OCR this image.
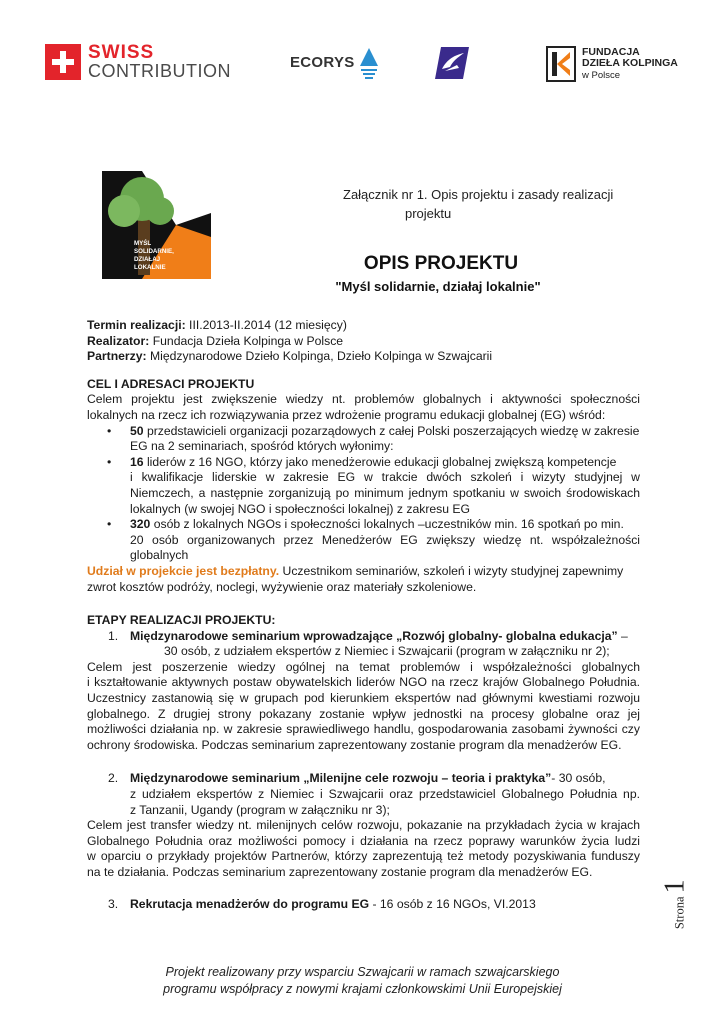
SWISS
CONTRIBUTION	ECORYS
FUNDACJA
DZIEŁA KOLPINGA
w Polsce
MYŚL
SOLIDARNIE,
DZIAŁAJ
LOKALNIE
Załącznik nr 1. Opis projektu i zasady realizacji
projektu
OPIS PROJEKTU
"Myśl solidarnie, działaj lokalnie"
Termin realizacji: III.2013-II.2014 (12 miesięcy)
Realizator: Fundacja Dzieła Kolpinga w Polsce
Partnerzy: Międzynarodowe Dzieło Kolpinga, Dzieło Kolpinga w Szwajcarii
CEL I ADRESACI PROJEKTU
Celem projektu jest zwiększenie wiedzy nt. problemów globalnych i aktywności społeczności
lokalnych na rzecz ich rozwiązywania przez wdrożenie programu edukacji globalnej (EG) wśród:
• 50 przedstawicieli organizacji pozarządowych z całej Polski poszerzających wiedzę w zakresie
EG na 2 seminariach, spośród których wyłonimy:
• 16 liderów z 16 NGO, którzy jako menedżerowie edukacji globalnej zwiększą kompetencje
i kwalifikacje liderskie w zakresie EG w trakcie dwóch szkoleń i wizyty studyjnej w
Niemczech, a następnie zorganizują po minimum jednym spotkaniu w swoich środowiskach
lokalnych (w swojej NGO i społeczności lokalnej) z zakresu EG
• 320 osób z lokalnych NGOs i społeczności lokalnych –uczestników min. 16 spotkań po min.
20 osób organizowanych przez Menedżerów EG zwiększy wiedzę nt. współzależności
globalnych
Udział w projekcie jest bezpłatny. Uczestnikom seminariów, szkoleń i wizyty studyjnej zapewnimy
zwrot kosztów podróży, noclegi, wyżywienie oraz materiały szkoleniowe.
ETAPY REALIZACJI PROJEKTU:
1. Międzynarodowe seminarium wprowadzające „Rozwój globalny- globalna edukacja” –
30 osób, z udziałem ekspertów z Niemiec i Szwajcarii (program w załączniku nr 2);
Celem jest poszerzenie wiedzy ogólnej na temat problemów i współzależności globalnych
i kształtowanie aktywnych postaw obywatelskich liderów NGO na rzecz krajów Globalnego Południa.
Uczestnicy zastanowią się w grupach pod kierunkiem ekspertów nad głównymi kwestiami rozwoju
globalnego. Z drugiej strony pokazany zostanie wpływ jednostki na procesy globalne oraz jej
możliwości działania np. w zakresie sprawiedliwego handlu, gospodarowania zasobami żywności czy
ochrony środowiska. Podczas seminarium zaprezentowany zostanie program dla menadżerów EG.
2. Międzynarodowe seminarium „Milenijne cele rozwoju – teoria i praktyka”- 30 osób,
z udziałem ekspertów z Niemiec i Szwajcarii oraz przedstawiciel Globalnego Południa np.
z Tanzanii, Ugandy (program w załączniku nr 3);
Celem jest transfer wiedzy nt. milenijnych celów rozwoju, pokazanie na przykładach życia w krajach
Globalnego Południa oraz możliwości pomocy i działania na rzecz poprawy warunków życia ludzi
w oparciu o przykłady projektów Partnerów, którzy zaprezentują też metody pozyskiwania funduszy
na te działania. Podczas seminarium zaprezentowany zostanie program dla menadżerów EG.
3. Rekrutacja menadżerów do programu EG - 16 osób z 16 NGOs, VI.2013	Strona 1
Projekt realizowany przy wsparciu Szwajcarii w ramach szwajcarskiego
programu współpracy z nowymi krajami członkowskimi Unii Europejskiej
